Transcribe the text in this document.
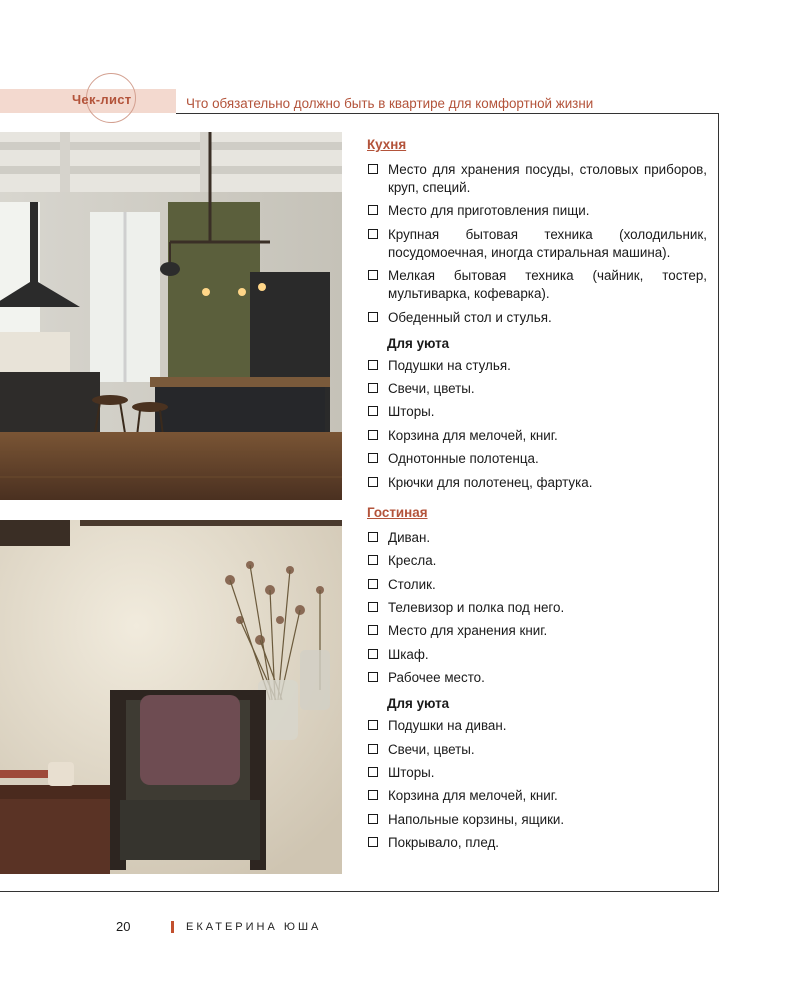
Чек-лист	Что обязательно должно быть в квартире для комфортной жизни
Кухня
Место для хранения посуды, столовых приборов, круп, специй.
Место для приготовления пищи.
Крупная бытовая техника (холодильник, посудомоечная, иногда стиральная машина).
Мелкая бытовая техника (чайник, тостер, мультиварка, кофеварка).
Обеденный стол и стулья.
Для уюта
Подушки на стулья.
Свечи, цветы.
Шторы.
Корзина для мелочей, книг.
Однотонные полотенца.
Крючки для полотенец, фартука.
Гостиная
Диван.
Кресла.
Столик.
Телевизор и полка под него.
Место для хранения книг.
Шкаф.
Рабочее место.
Для уюта
Подушки на диван.
Свечи, цветы.
Шторы.
Корзина для мелочей, книг.
Напольные корзины, ящики.
Покрывало, плед.
20	ЕКАТЕРИНА ЮША
